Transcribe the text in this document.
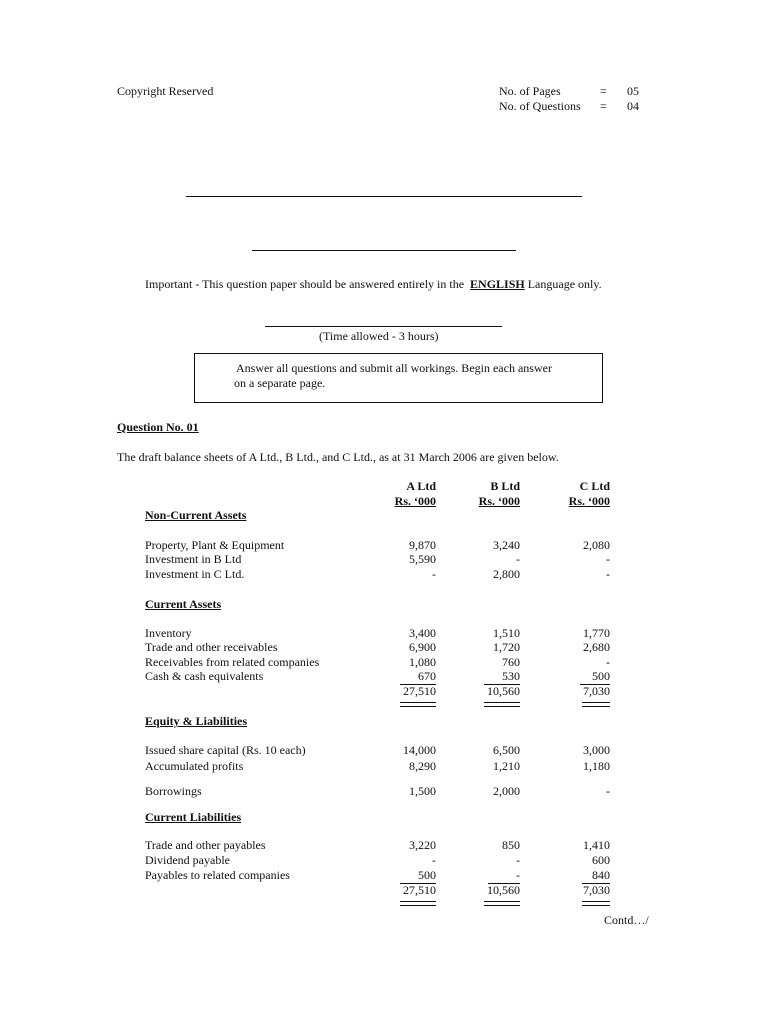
Copyright Reserved	No. of Pages	= 05
No. of Questions = 04
Important - This question paper should be answered entirely in the ENGLISH Language only.
(Time allowed - 3 hours)
Answer all questions and submit all workings. Begin each answer
on a separate page.
Question No. 01
The draft balance sheets of A Ltd., B Ltd., and C Ltd., as at 31 March 2006 are given below.
A Ltd	B Ltd	C Ltd
Rs. ‘000	Rs. ‘000	Rs. ‘000
Non-Current Assets
Property, Plant & Equipment	9,870	3,240	2,080
Investment in B Ltd	5,590	-	-
Investment in C Ltd.	-	2,800	-
Current Assets
Inventory	3,400	1,510	1,770
Trade and other receivables	6,900	1,720	2,680
Receivables from related companies	1,080	760	-
Cash & cash equivalents	670	530	500
27,510	10,560	7,030
Equity & Liabilities
Issued share capital (Rs. 10 each)	14,000	6,500	3,000
Accumulated profits	8,290	1,210	1,180
Borrowings	1,500	2,000	-
Current Liabilities
Trade and other payables	3,220	850	1,410
Dividend payable	-	-	600
Payables to related companies	500	-	840
27,510	10,560	7,030
Contd…/
